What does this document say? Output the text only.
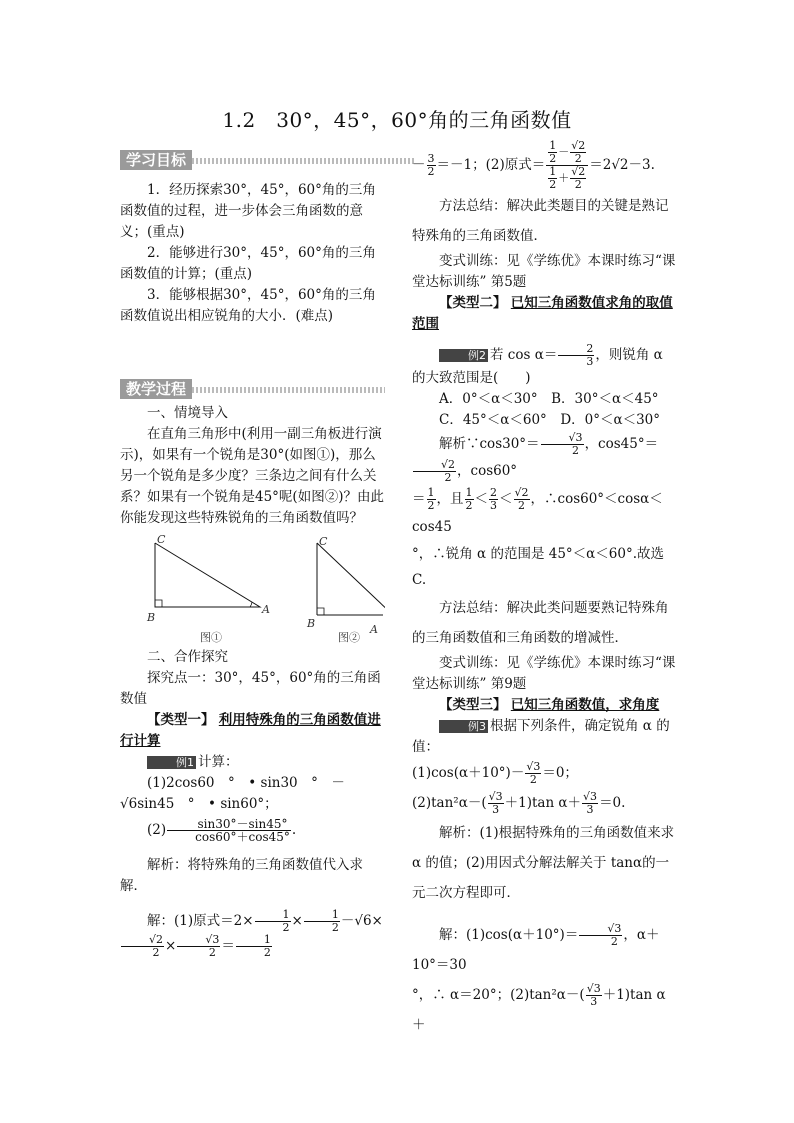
1.2　30°，45°，60°角的三角函数值
学习目标

1．经历探索30°，45°，60°角的三角函数值的过程，进一步体会三角函数的意义；(重点)

2．能够进行30°，45°，60°角的三角函数值的计算；(重点)

3．能够根据30°，45°，60°角的三角函数值说出相应锐角的大小．(难点)

教学过程

一、情境导入

在直角三角形中(利用一副三角板进行演示)，如果有一个锐角是30°(如图①)，那么另一个锐角是多少度？三条边之间有什么关系？如果有一个锐角是45°呢(如图②)？由此你能发现这些特殊锐角的三角函数值吗？

C
B
A
图①
C
B	A
图②

二、合作探究

探究点一：30°，45°，60°角的三角函数值

【类型一】 利用特殊角的三角函数值进行计算

例1 计算：

(1)2cos60　°　• sin30　°　－　√6sin45　°　• sin60°；

$(2) \frac{\sin 30^\circ-\sin 45^\circ}{\cos 60^\circ+\cos 45^\circ}$ .

解析：将特殊角的三角函数值代入求解．

解：(1)原式$=2\times \frac{1}{2} \times \frac{1}{2} -√6\times$
$\frac{√2}{2} \times \frac{√3}{2} = \frac{1}{2}$

－ $\frac{3}{2} =-1$；(2)原式＝ $\frac{\frac{1}{2} - \frac{√2}{2}}{\frac{1}{2} + \frac{√2}{2}} =2√2-3$.

方法总结：解决此类题目的关键是熟记特殊角的三角函数值．

变式训练：见《学练优》本课时练习“课堂达标训练” 第5题

【类型二】 已知三角函数值求角的取值范围

例2 若 $\cos \alpha= \frac{2}{3}$ ，则锐角 α 的大致范围是(　　)

A．0°＜α＜30°　 B．30°＜α＜45°

C．45°＜α＜60°　 D．0°＜α＜30°

解析∵cos30°＝ $\frac{√3}{2}$ ，cos45°＝
$\frac{√2}{2}$ ，cos60°

＝ $\frac{1}{2}$ ，且 $\frac{1}{2} < \frac{2}{3} < \frac{√2}{2}$ ，∴cos60°＜cosα＜cos45

°，∴锐角 α 的范围是 45°＜α＜60°.故选 C.

方法总结：解决此类问题要熟记特殊角的三角函数值和三角函数的增减性．

变式训练：见《学练优》本课时练习“课堂达标训练” 第9题

【类型三】 已知三角函数值，求角度

例3 根据下列条件，确定锐角 α 的值：

$(1)\cos(\alpha+10^\circ)- \frac{√3}{2} =0$；

$(2)\tan^2\alpha-( \frac{√3}{3} +1)\tan$ $\alpha+ \frac{√3}{3} =0$.

解析：(1)根据特殊角的三角函数值来求 α 的值；(2)用因式分解法解关于 tanα的一元二次方程即可．

解：$(1)\cos(\alpha+10^\circ)= \frac{√3}{2}$ ，α＋10°＝30

°，∴ α＝20°；$(2)\tan^2\alpha-( \frac{√3}{3} +1)\tan$ α＋
